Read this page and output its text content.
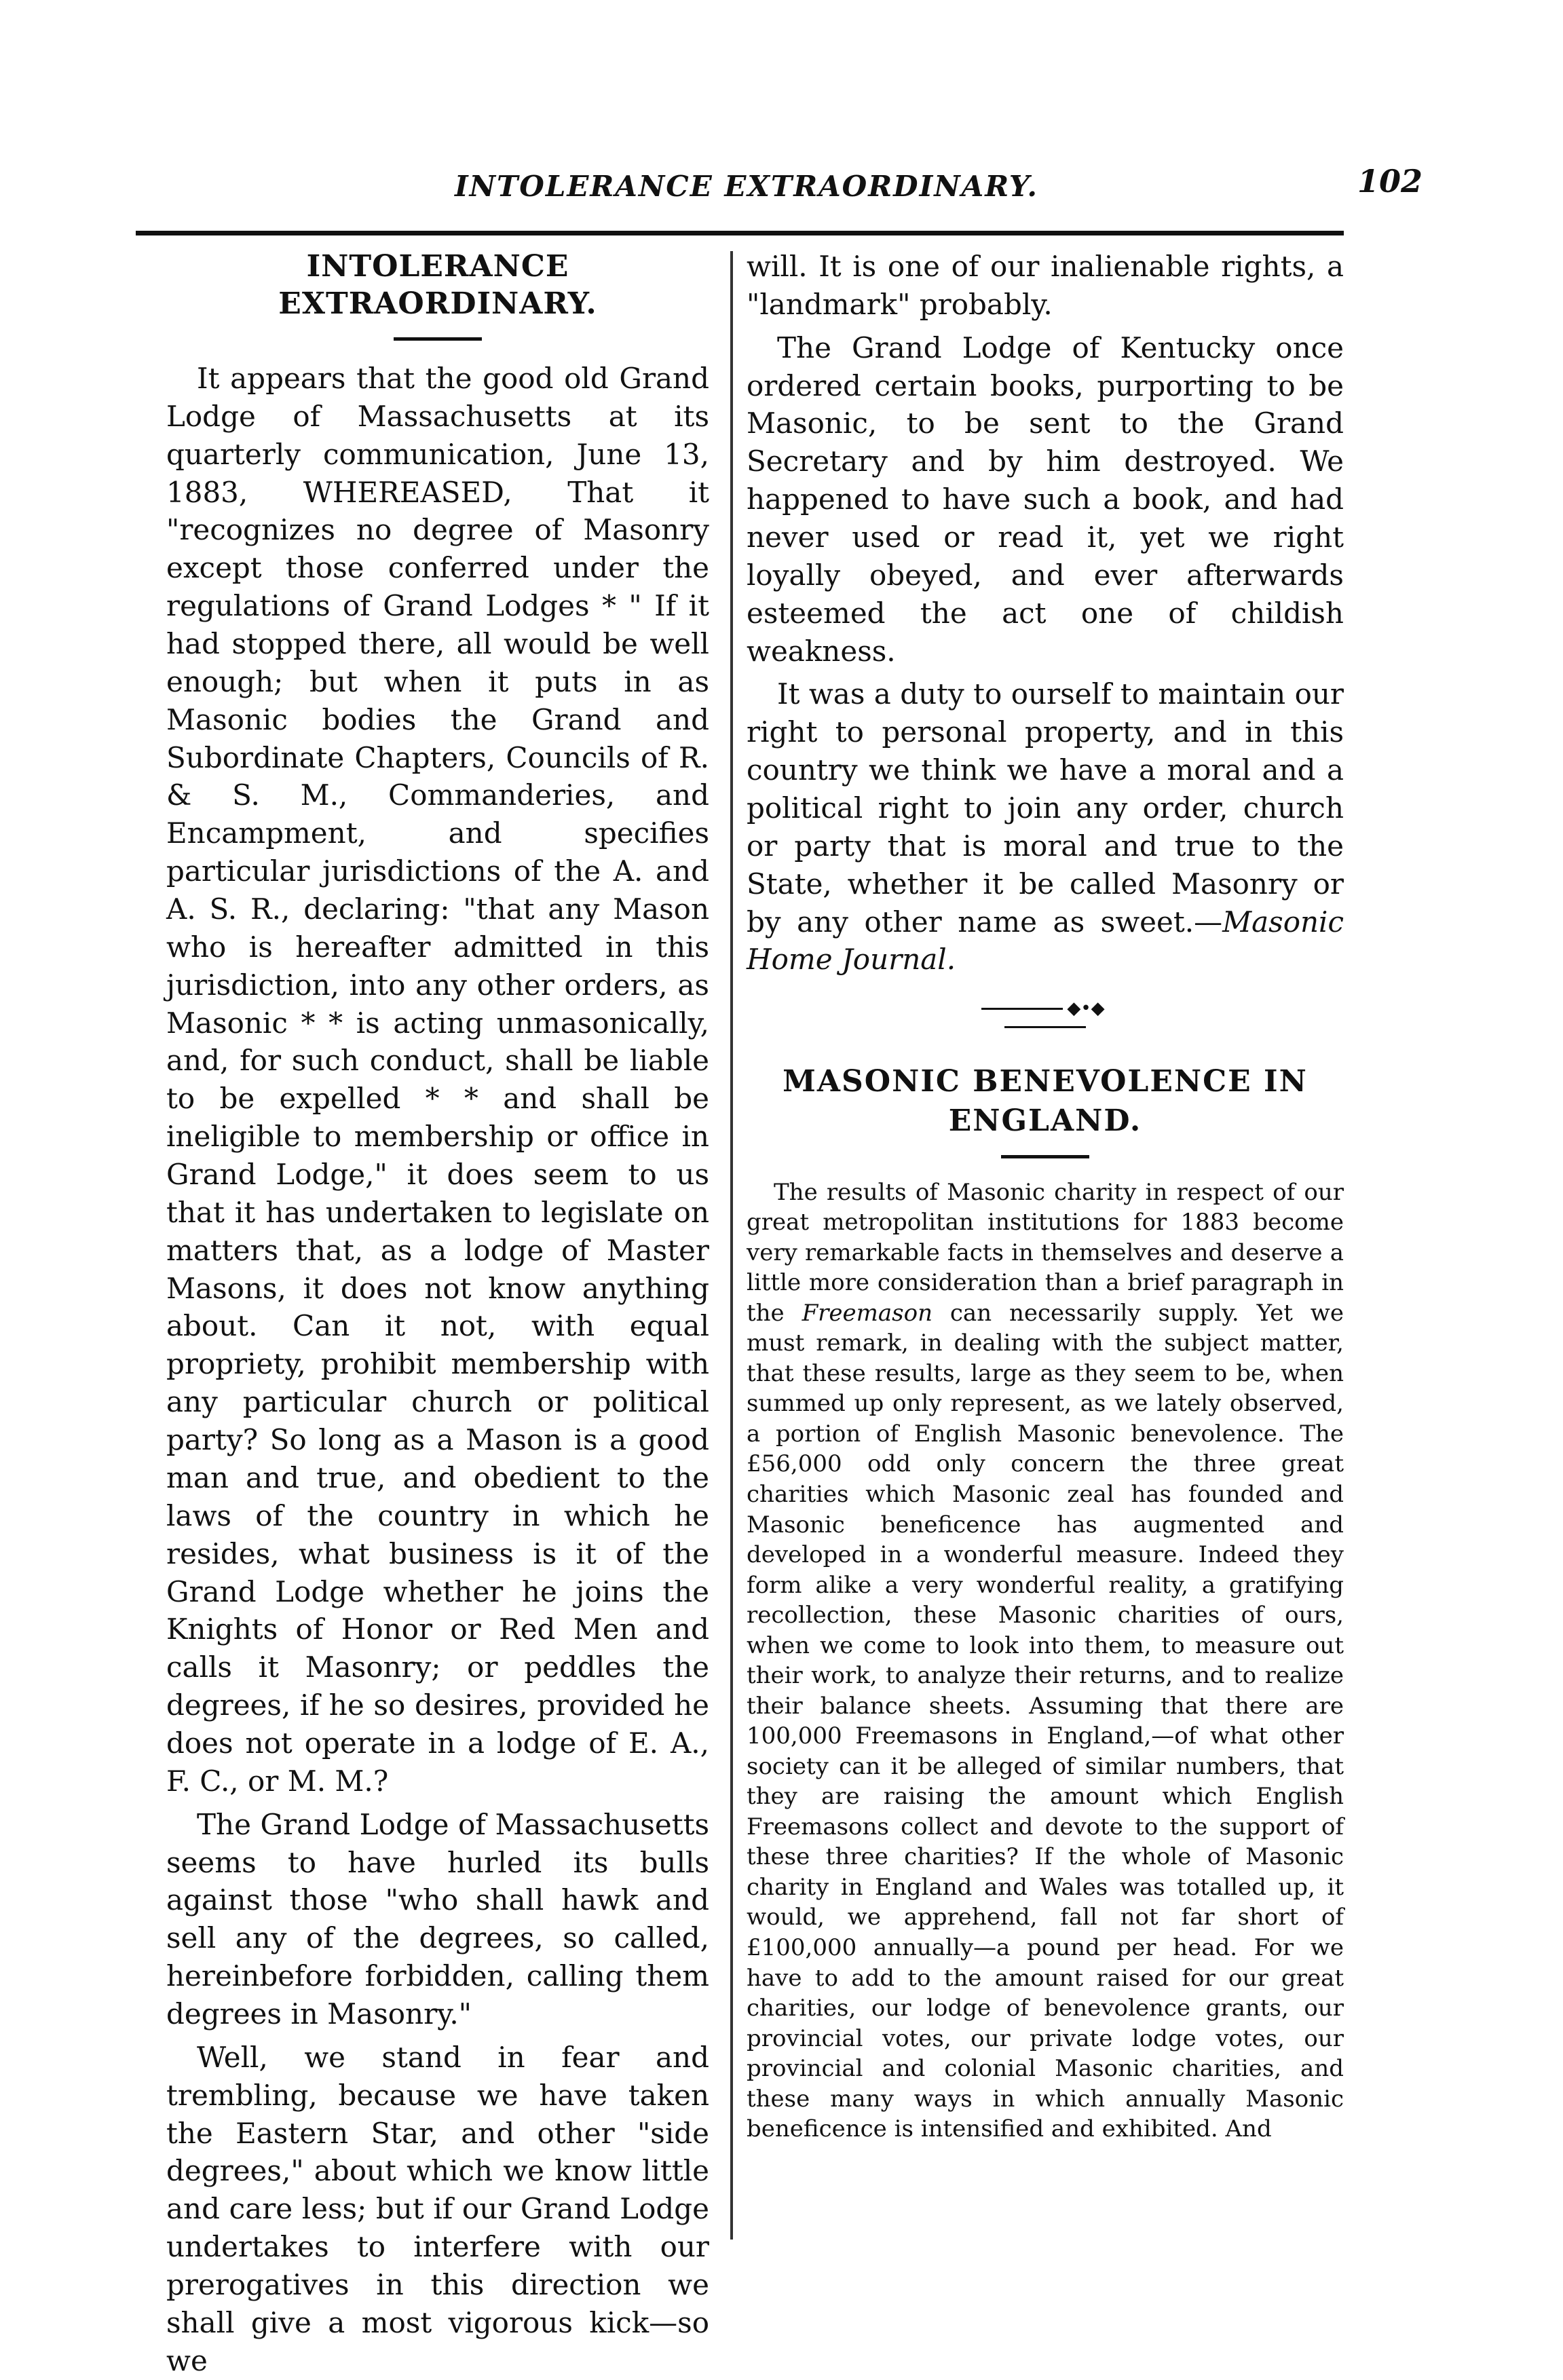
INTOLERANCE EXTRAORDINARY.	102
INTOLERANCE EXTRAORDINARY.

It appears that the good old Grand Lodge of Massachusetts at its quarterly communication, June 13, 1883, WHEREASED, That it "recognizes no degree of Masonry except those conferred under the regulations of Grand Lodges * " If it had stopped there, all would be well enough; but when it puts in as Masonic bodies the Grand and Subordinate Chapters, Councils of R. & S. M., Commanderies, and Encampment, and specifies particular jurisdictions of the A. and A. S. R., declaring: "that any Mason who is hereafter admitted in this jurisdiction, into any other orders, as Masonic * * is acting unmasonically, and, for such conduct, shall be liable to be expelled * * and shall be ineligible to membership or office in Grand Lodge," it does seem to us that it has undertaken to legislate on matters that, as a lodge of Master Masons, it does not know anything about. Can it not, with equal propriety, prohibit membership with any particular church or political party? So long as a Mason is a good man and true, and obedient to the laws of the country in which he resides, what business is it of the Grand Lodge whether he joins the Knights of Honor or Red Men and calls it Masonry; or peddles the degrees, if he so desires, provided he does not operate in a lodge of E. A., F. C., or M. M.?

The Grand Lodge of Massachusetts seems to have hurled its bulls against those "who shall hawk and sell any of the degrees, so called, hereinbefore forbidden, calling them degrees in Masonry."

Well, we stand in fear and trembling, because we have taken the Eastern Star, and other "side degrees," about which we know little and care less; but if our Grand Lodge undertakes to interfere with our prerogatives in this direction we shall give a most vigorous kick—so we

will. It is one of our inalienable rights, a "landmark" probably.

The Grand Lodge of Kentucky once ordered certain books, purporting to be Masonic, to be sent to the Grand Secretary and by him destroyed. We happened to have such a book, and had never used or read it, yet we right loyally obeyed, and ever afterwards esteemed the act one of childish weakness.

It was a duty to ourself to maintain our right to personal property, and in this country we think we have a moral and a political right to join any order, church or party that is moral and true to the State, whether it be called Masonry or by any other name as sweet.—Masonic Home Journal.

◆•◆
MASONIC BENEVOLENCE IN
ENGLAND.

The results of Masonic charity in respect of our great metropolitan institutions for 1883 become very remarkable facts in themselves and deserve a little more consideration than a brief paragraph in the Freemason can necessarily supply. Yet we must remark, in dealing with the subject matter, that these results, large as they seem to be, when summed up only represent, as we lately observed, a portion of English Masonic benevolence. The £56,000 odd only concern the three great charities which Masonic zeal has founded and Masonic beneficence has augmented and developed in a wonderful measure. Indeed they form alike a very wonderful reality, a gratifying recollection, these Masonic charities of ours, when we come to look into them, to measure out their work, to analyze their returns, and to realize their balance sheets. Assuming that there are 100,000 Freemasons in England,—of what other society can it be alleged of similar numbers, that they are raising the amount which English Freemasons collect and devote to the support of these three charities? If the whole of Masonic charity in England and Wales was totalled up, it would, we apprehend, fall not far short of £100,000 annually—a pound per head. For we have to add to the amount raised for our great charities, our lodge of benevolence grants, our provincial votes, our private lodge votes, our provincial and colonial Masonic charities, and these many ways in which annually Masonic beneficence is intensified and exhibited. And
